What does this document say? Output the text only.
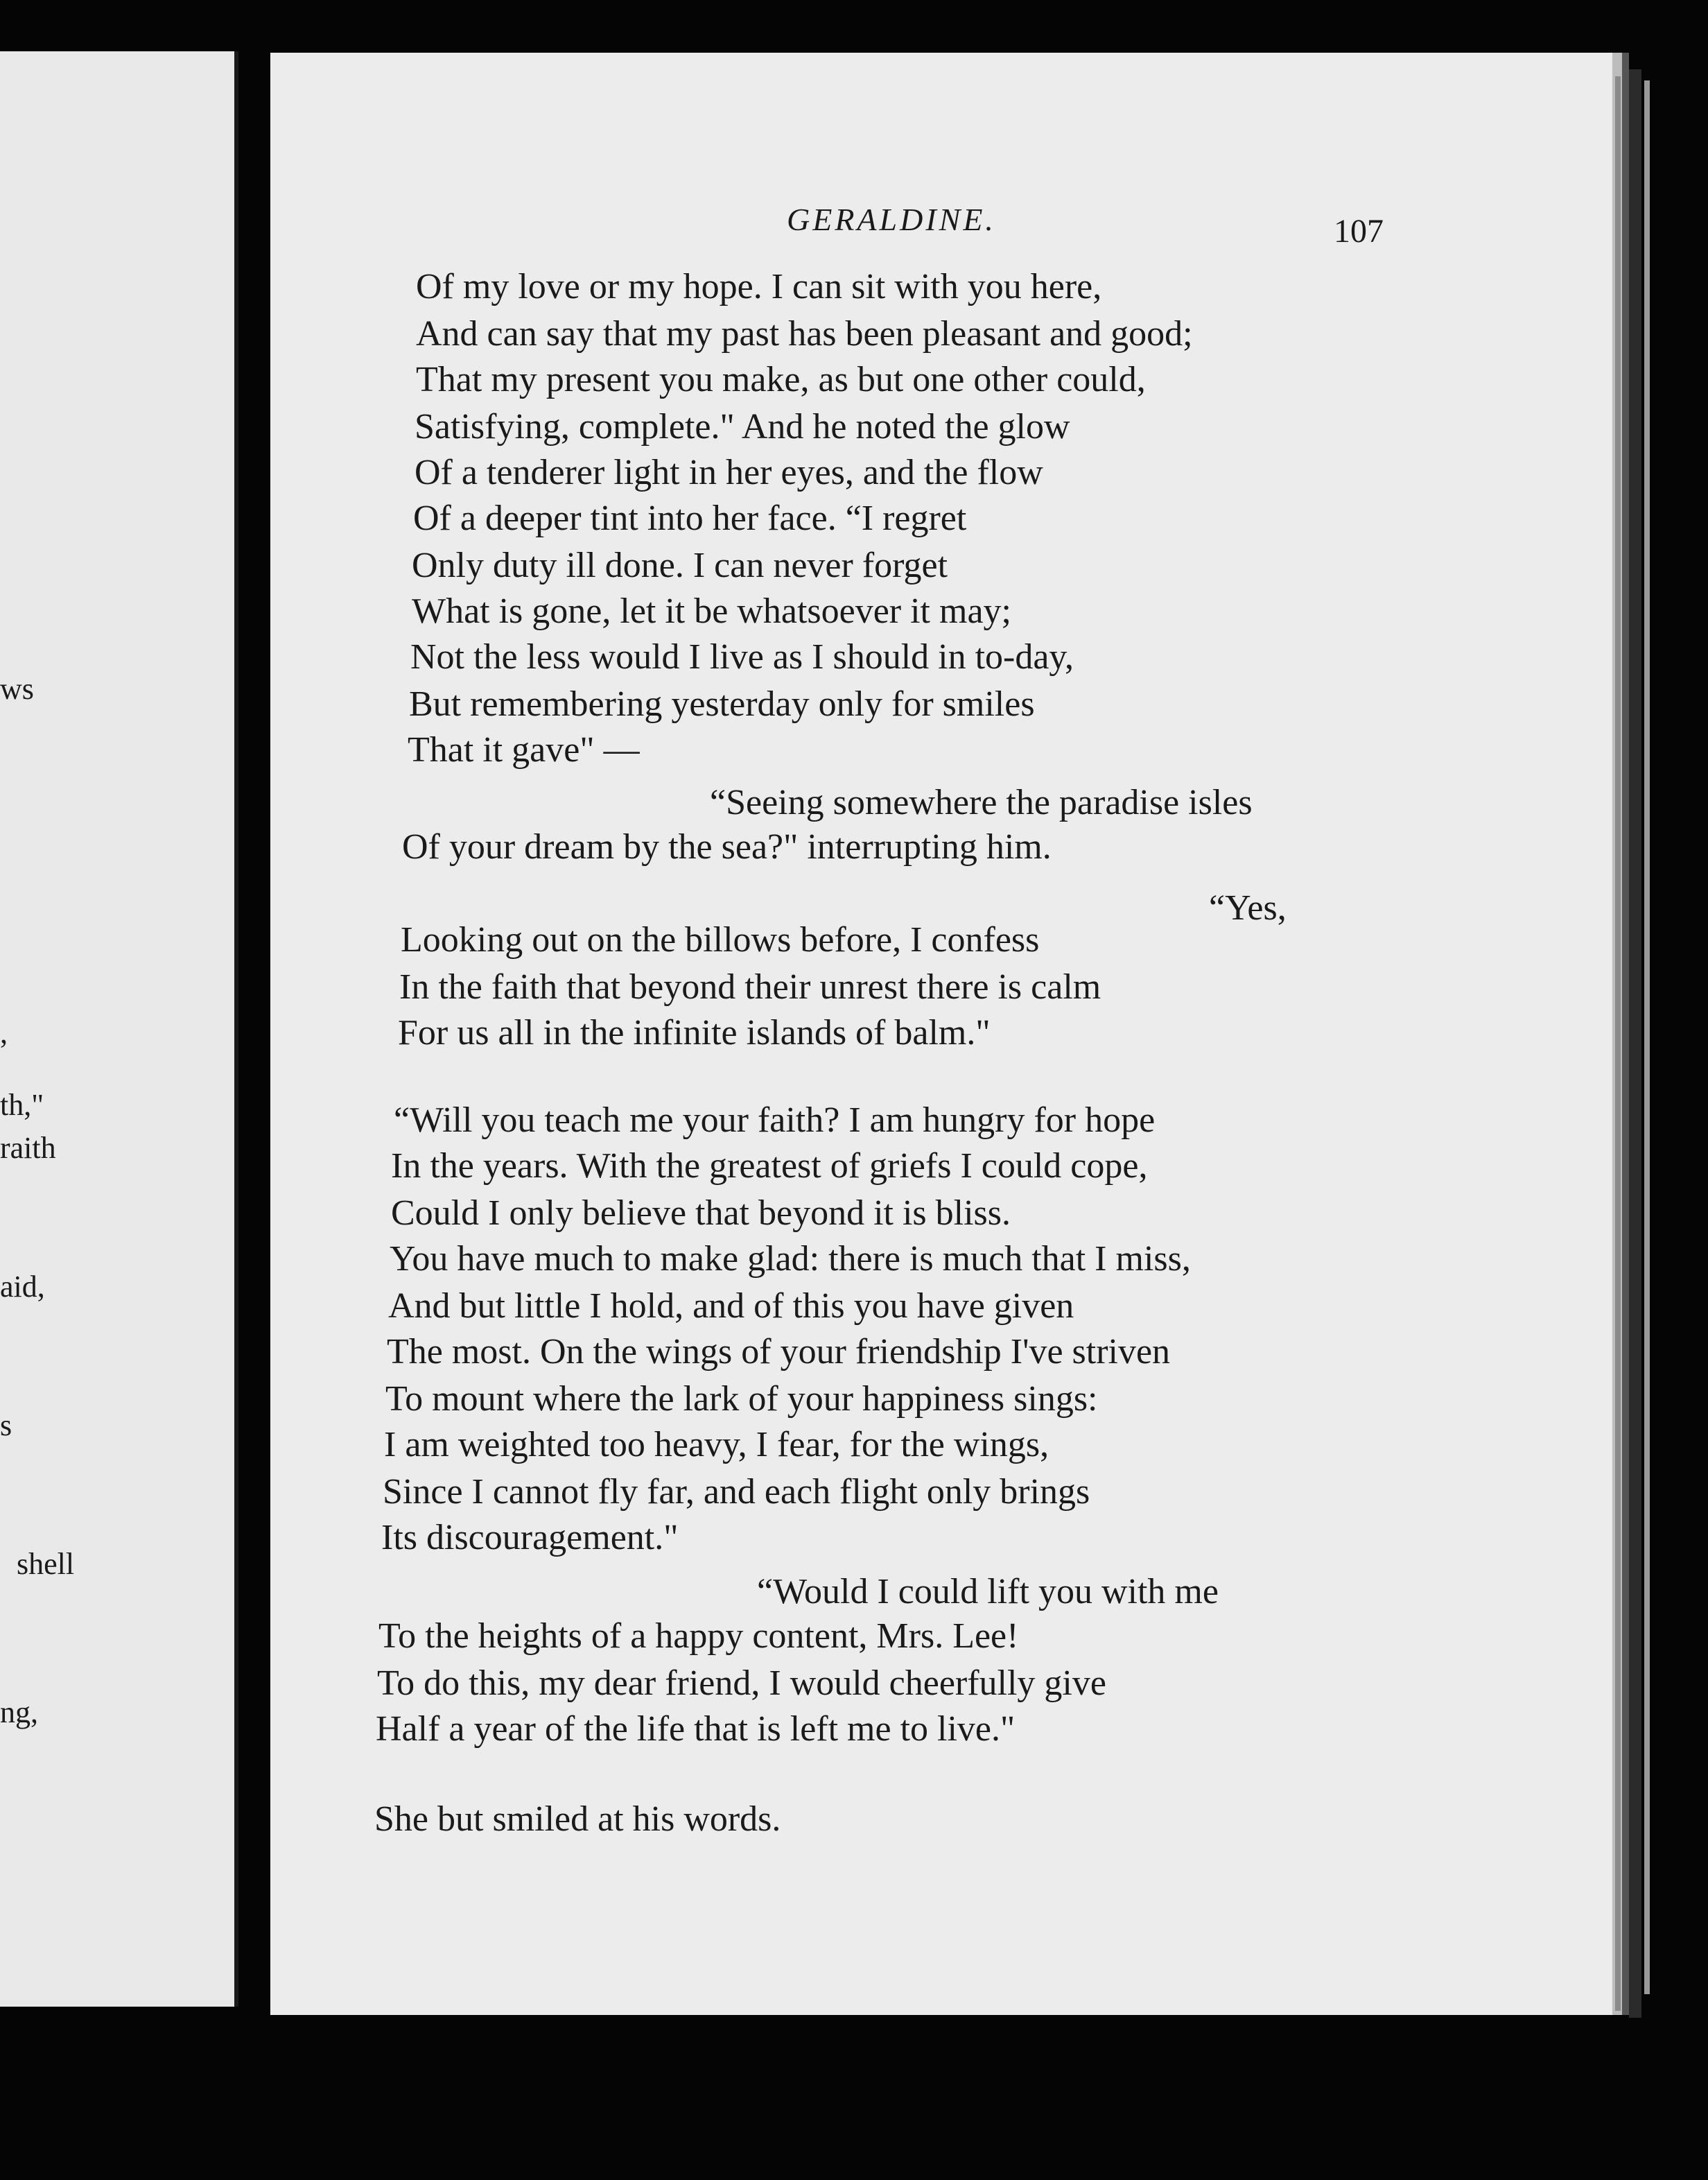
ws
,
th,"
raith
aid,
s
shell
ng,
GERALDINE.	107
Of my love or my hope. I can sit with you here,
And can say that my past has been pleasant and good;
That my present you make, as but one other could,
Satisfying, complete." And he noted the glow
Of a tenderer light in her eyes, and the flow
Of a deeper tint into her face. “I regret
Only duty ill done. I can never forget
What is gone, let it be whatsoever it may;
Not the less would I live as I should in to-day,
But remembering yesterday only for smiles
That it gave" —
“Seeing somewhere the paradise isles
Of your dream by the sea?" interrupting him.
“Yes,
Looking out on the billows before, I confess
In the faith that beyond their unrest there is calm
For us all in the infinite islands of balm."
“Will you teach me your faith? I am hungry for hope
In the years. With the greatest of griefs I could cope,
Could I only believe that beyond it is bliss.
You have much to make glad: there is much that I miss,
And but little I hold, and of this you have given
The most. On the wings of your friendship I've striven
To mount where the lark of your happiness sings:
I am weighted too heavy, I fear, for the wings,
Since I cannot fly far, and each flight only brings
Its discouragement."
“Would I could lift you with me
To the heights of a happy content, Mrs. Lee!
To do this, my dear friend, I would cheerfully give
Half a year of the life that is left me to live."
She but smiled at his words.
